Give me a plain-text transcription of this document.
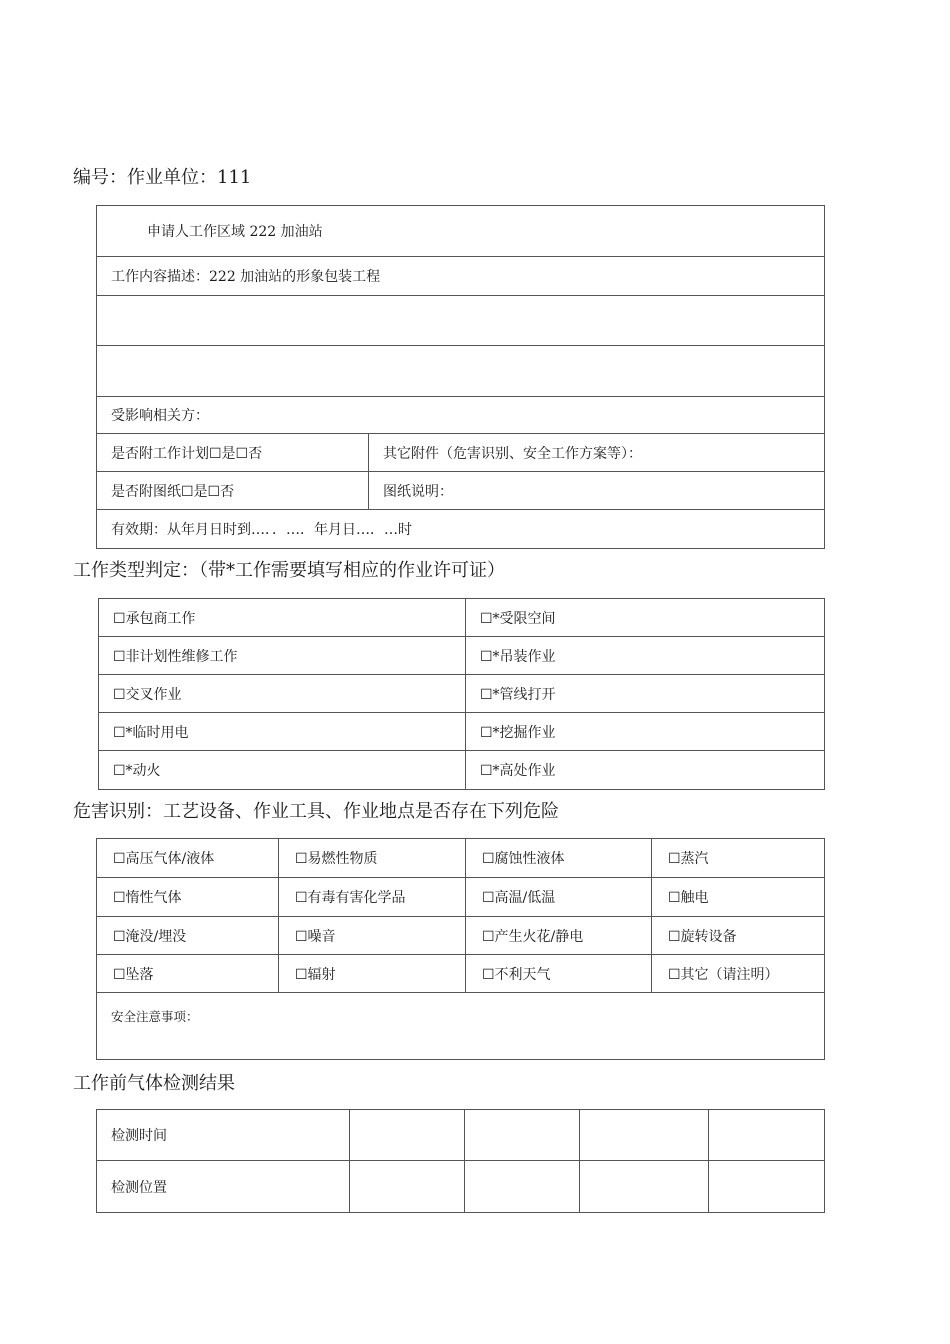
编号：作业单位：111
申请人工作区域 222 加油站	
工作内容描述：222 加油站的形象包装工程	

受影响相关方：	
是否附工作计划☐是☐否	其它附件（危害识别、安全工作方案等）：
是否附图纸☐是☐否	图纸说明：
有效期：从年月日时到…．．…．年月日…．…时	
工作类型判定：（带*工作需要填写相应的作业许可证）
☐承包商工作	☐*受限空间
☐非计划性维修工作	☐*吊装作业
☐交叉作业	☐*管线打开
☐*临时用电	☐*挖掘作业
☐*动火	☐*高处作业
危害识别：工艺设备、作业工具、作业地点是否存在下列危险
☐高压气体/液体	☐易燃性物质	☐腐蚀性液体	☐蒸汽
☐惰性气体	☐有毒有害化学品	☐高温/低温	☐触电
☐淹没/埋没	☐噪音	☐产生火花/静电	☐旋转设备
☐坠落	☐辐射	☐不利天气	☐其它（请注明）
安全注意事项：			
工作前气体检测结果
检测时间				
检测位置				
